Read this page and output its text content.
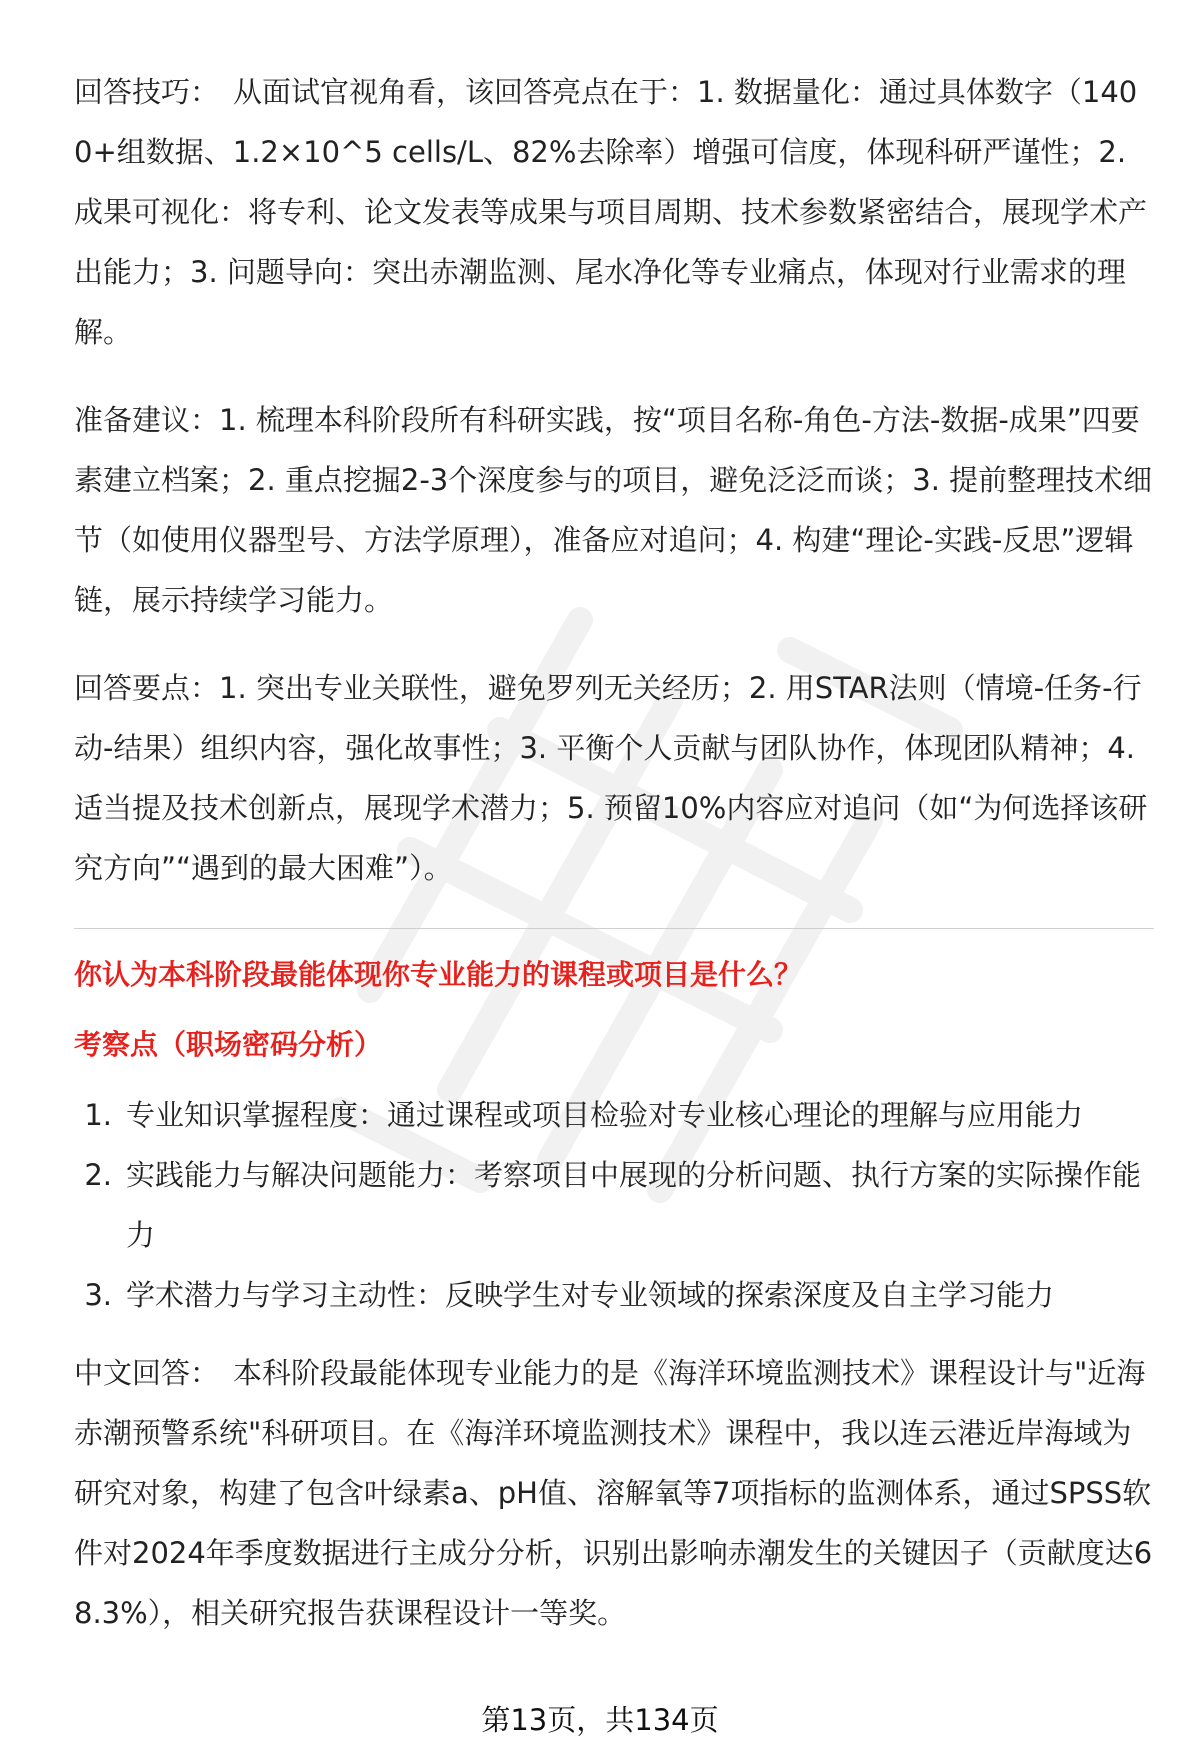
回答技巧： 从面试官视角看，该回答亮点在于：1. 数据量化：通过具体数字（1400+组数据、1.2×10^5 cells/L、82%去除率）增强可信度，体现科研严谨性；2. 成果可视化：将专利、论文发表等成果与项目周期、技术参数紧密结合，展现学术产出能力；3. 问题导向：突出赤潮监测、尾水净化等专业痛点，体现对行业需求的理解。

准备建议：1. 梳理本科阶段所有科研实践，按“项目名称-角色-方法-数据-成果”四要素建立档案；2. 重点挖掘2-3个深度参与的项目，避免泛泛而谈；3. 提前整理技术细节（如使用仪器型号、方法学原理），准备应对追问；4. 构建“理论-实践-反思”逻辑链，展示持续学习能力。

回答要点：1. 突出专业关联性，避免罗列无关经历；2. 用STAR法则（情境-任务-行动-结果）组织内容，强化故事性；3. 平衡个人贡献与团队协作，体现团队精神；4. 适当提及技术创新点，展现学术潜力；5. 预留10%内容应对追问（如“为何选择该研究方向”“遇到的最大困难”）。

你认为本科阶段最能体现你专业能力的课程或项目是什么？
考察点（职场密码分析）
1. 专业知识掌握程度：通过课程或项目检验对专业核心理论的理解与应用能力
2. 实践能力与解决问题能力：考察项目中展现的分析问题、执行方案的实际操作能力
3. 学术潜力与学习主动性：反映学生对专业领域的探索深度及自主学习能力

中文回答： 本科阶段最能体现专业能力的是《海洋环境监测技术》课程设计与"近海赤潮预警系统"科研项目。在《海洋环境监测技术》课程中，我以连云港近岸海域为研究对象，构建了包含叶绿素a、pH值、溶解氧等7项指标的监测体系，通过SPSS软件对2024年季度数据进行主成分分析，识别出影响赤潮发生的关键因子（贡献度达68.3%），相关研究报告获课程设计一等奖。

第13页，共134页
